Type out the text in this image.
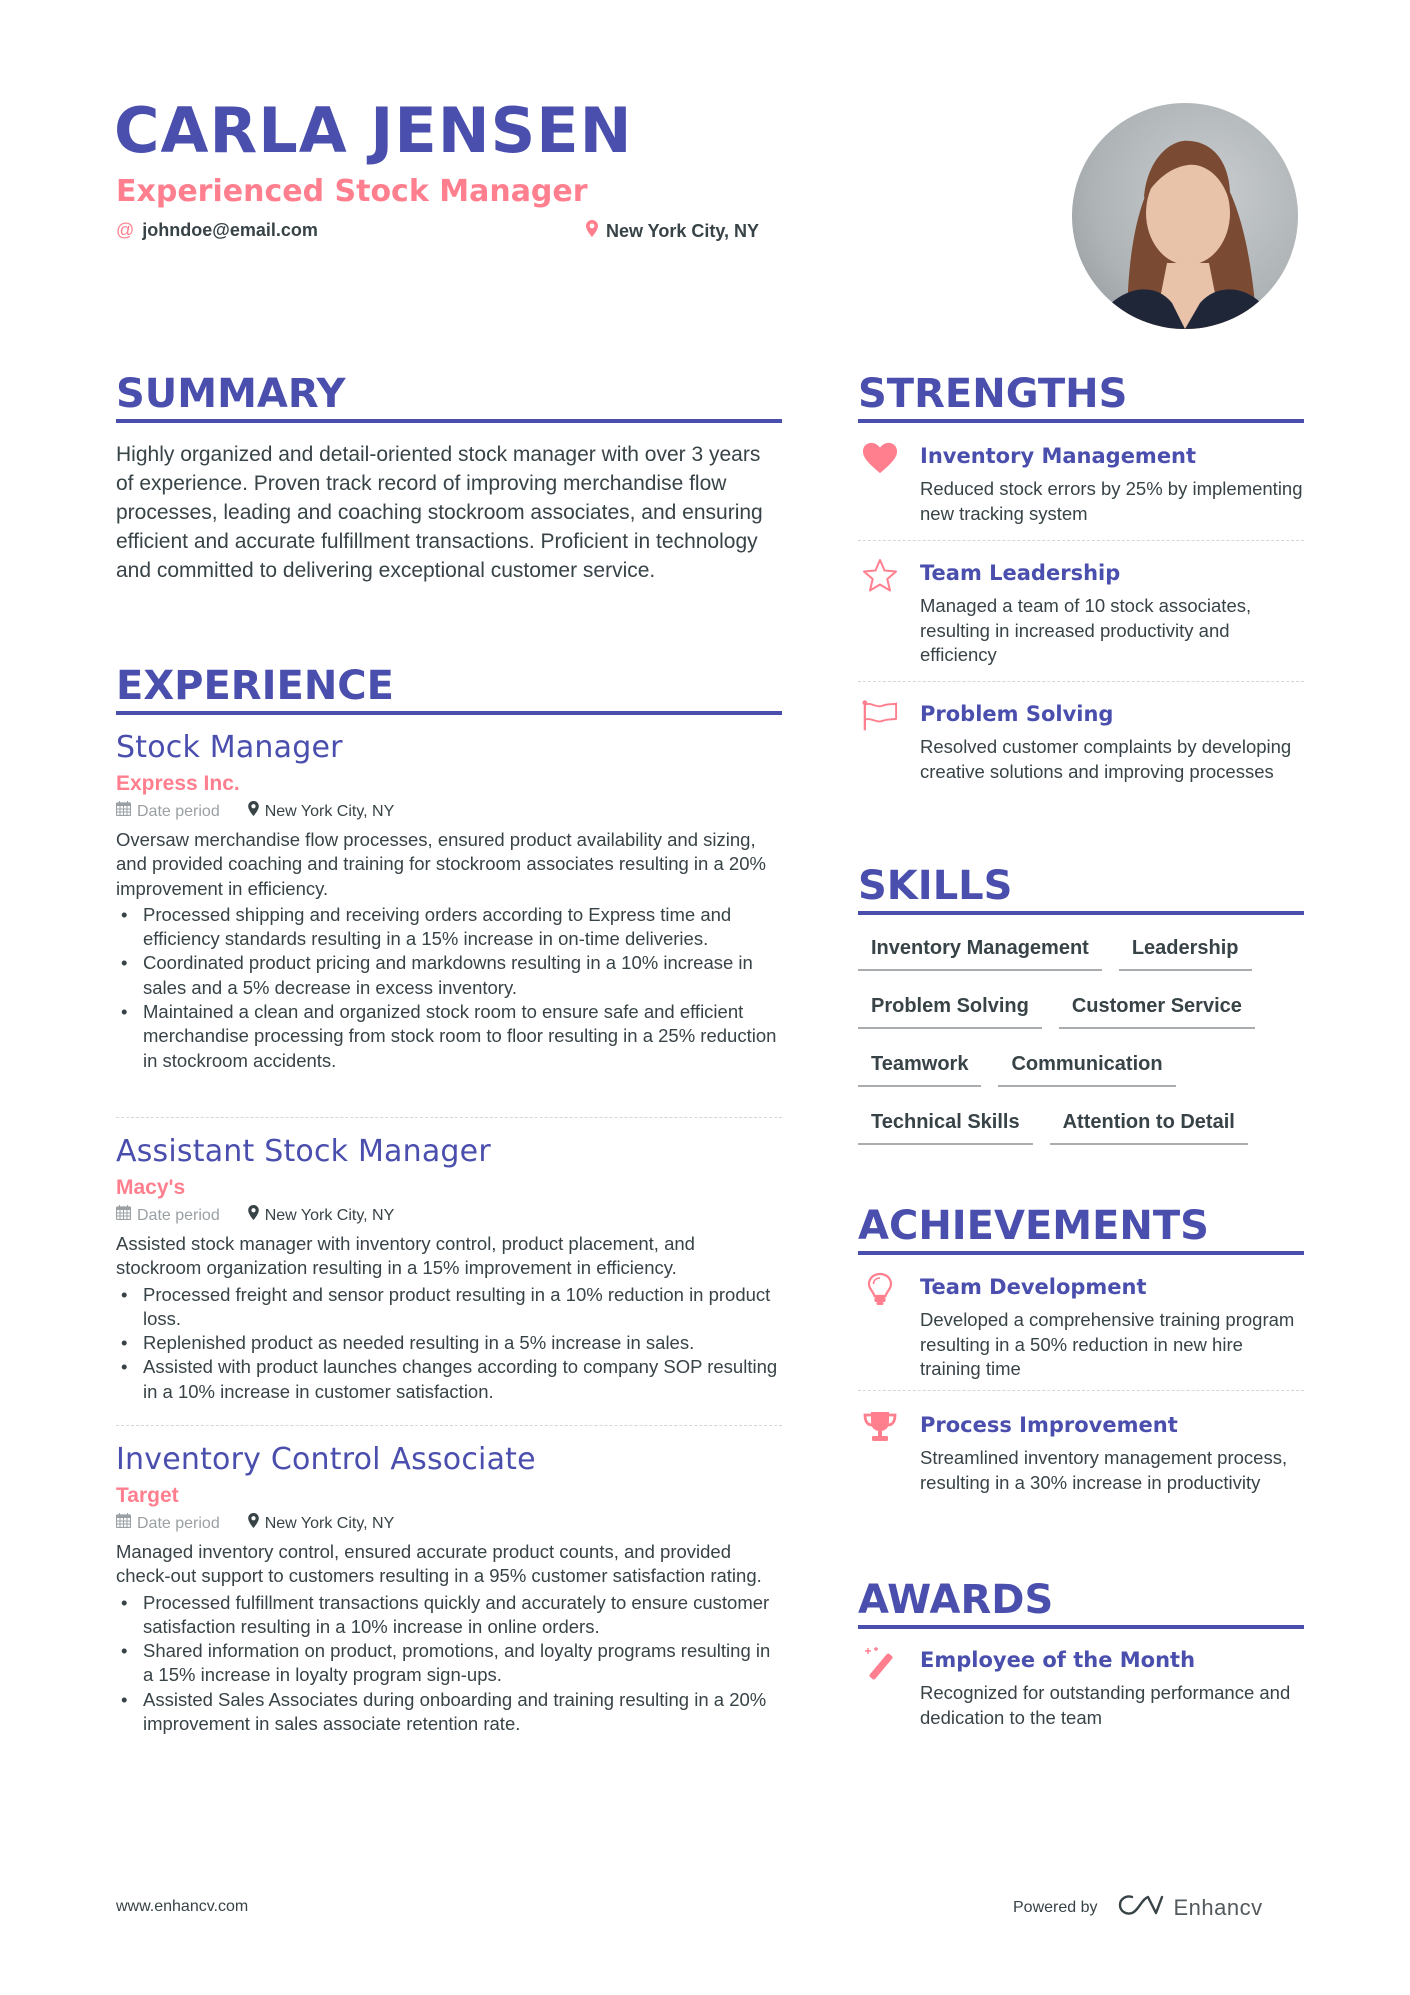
CARLA JENSEN
Experienced Stock Manager
@ johndoe@email.com	New York City, NY
SUMMARY
Highly organized and detail-oriented stock manager with over 3 years of experience. Proven track record of improving merchandise flow processes, leading and coaching stockroom associates, and ensuring efficient and accurate fulfillment transactions. Proficient in technology and committed to delivering exceptional customer service.
EXPERIENCE
Stock Manager
Express Inc.
Date period	New York City, NY
Oversaw merchandise flow processes, ensured product availability and sizing, and provided coaching and training for stockroom associates resulting in a 20% improvement in efficiency.
• Processed shipping and receiving orders according to Express time and efficiency standards resulting in a 15% increase in on-time deliveries.
• Coordinated product pricing and markdowns resulting in a 10% increase in sales and a 5% decrease in excess inventory.
• Maintained a clean and organized stock room to ensure safe and efficient merchandise processing from stock room to floor resulting in a 25% reduction in stockroom accidents.
Assistant Stock Manager
Macy's
Date period	New York City, NY
Assisted stock manager with inventory control, product placement, and stockroom organization resulting in a 15% improvement in efficiency.
• Processed freight and sensor product resulting in a 10% reduction in product loss.
• Replenished product as needed resulting in a 5% increase in sales.
• Assisted with product launches changes according to company SOP resulting in a 10% increase in customer satisfaction.
Inventory Control Associate
Target
Date period	New York City, NY
Managed inventory control, ensured accurate product counts, and provided check-out support to customers resulting in a 95% customer satisfaction rating.
• Processed fulfillment transactions quickly and accurately to ensure customer satisfaction resulting in a 10% increase in online orders.
• Shared information on product, promotions, and loyalty programs resulting in a 15% increase in loyalty program sign-ups.
• Assisted Sales Associates during onboarding and training resulting in a 20% improvement in sales associate retention rate.
STRENGTHS
Inventory Management
Reduced stock errors by 25% by implementing new tracking system
Team Leadership
Managed a team of 10 stock associates, resulting in increased productivity and efficiency
Problem Solving
Resolved customer complaints by developing creative solutions and improving processes
SKILLS
Inventory Management	Leadership
Problem Solving	Customer Service
Teamwork	Communication
Technical Skills	Attention to Detail
ACHIEVEMENTS
Team Development
Developed a comprehensive training program resulting in a 50% reduction in new hire training time
Process Improvement
Streamlined inventory management process, resulting in a 30% increase in productivity
AWARDS
Employee of the Month
Recognized for outstanding performance and dedication to the team
www.enhancv.com	Powered by	Enhancv
